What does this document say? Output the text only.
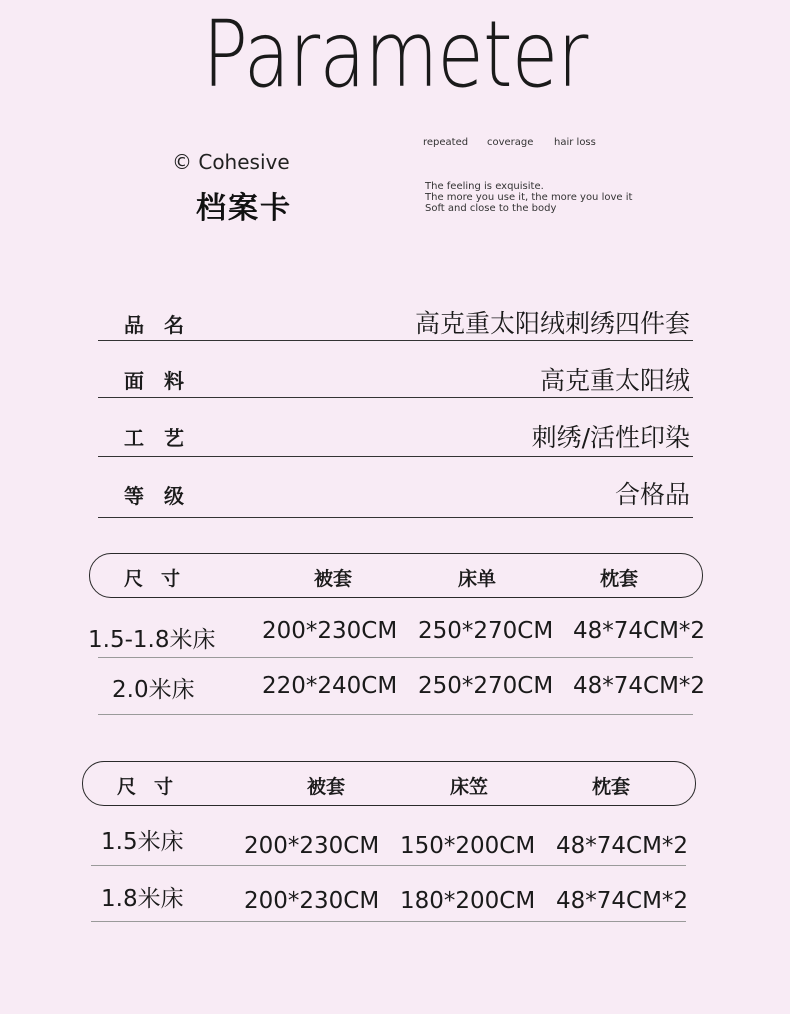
Parameter
© Cohesive
档案卡
repeated coverage hair loss
The feeling is exquisite.
The more you use it, the more you love it
Soft and close to the body
品名	高克重太阳绒刺绣四件套
面料	高克重太阳绒
工艺	刺绣/活性印染
等级	合格品
尺寸	被套	床单	枕套
1.5-1.8米床 200*230CM 250*270CM 48*74CM*2
2.0米床	220*240CM 250*270CM 48*74CM*2
尺寸	被套	床笠	枕套
1.5米床	200*230CM 150*200CM 48*74CM*2
1.8米床	200*230CM 180*200CM 48*74CM*2
